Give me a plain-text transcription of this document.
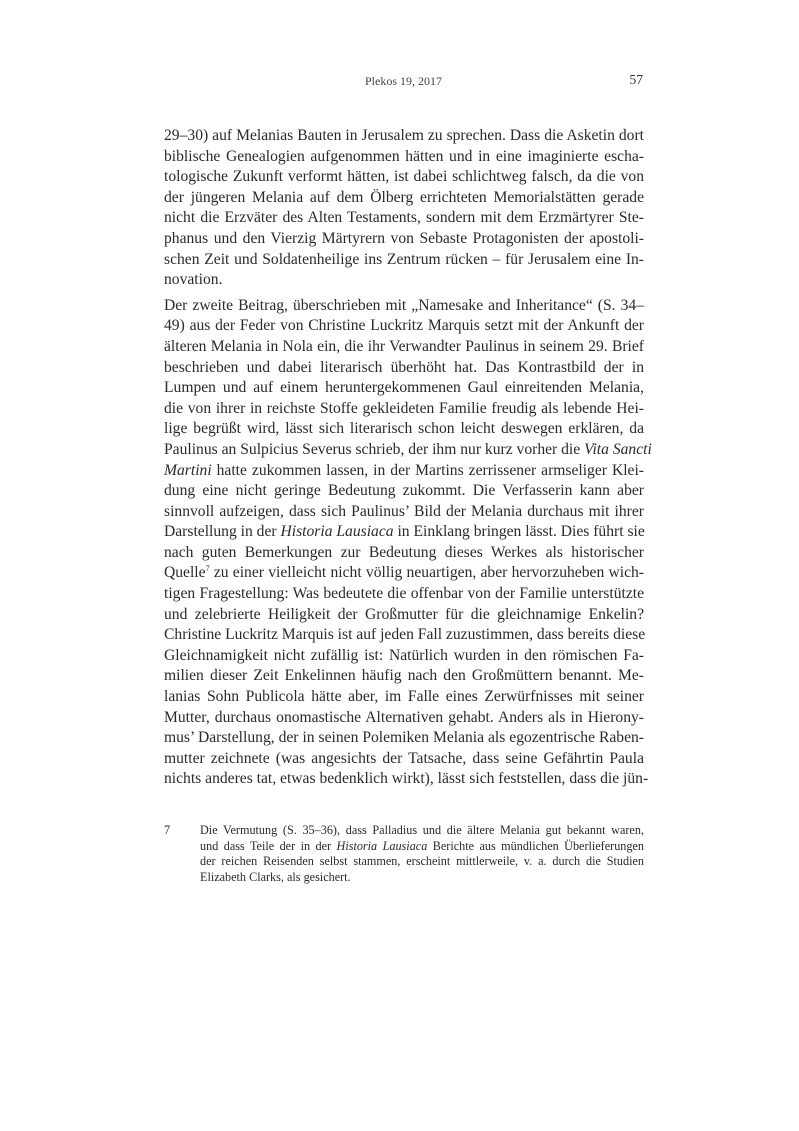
Plekos 19, 2017	57
29–30) auf Melanias Bauten in Jerusalem zu sprechen. Dass die Asketin dort
biblische Genealogien aufgenommen hätten und in eine imaginierte escha-
tologische Zukunft verformt hätten, ist dabei schlichtweg falsch, da die von
der jüngeren Melania auf dem Ölberg errichteten Memorialstätten gerade
nicht die Erzväter des Alten Testaments, sondern mit dem Erzmärtyrer Ste-
phanus und den Vierzig Märtyrern von Sebaste Protagonisten der apostoli-
schen Zeit und Soldatenheilige ins Zentrum rücken – für Jerusalem eine In-
novation.
Der zweite Beitrag, überschrieben mit „Namesake and Inheritance“ (S. 34–
49) aus der Feder von Christine Luckritz Marquis setzt mit der Ankunft der
älteren Melania in Nola ein, die ihr Verwandter Paulinus in seinem 29. Brief
beschrieben und dabei literarisch überhöht hat. Das Kontrastbild der in
Lumpen und auf einem heruntergekommenen Gaul einreitenden Melania,
die von ihrer in reichste Stoffe gekleideten Familie freudig als lebende Hei-
lige begrüßt wird, lässt sich literarisch schon leicht deswegen erklären, da
Paulinus an Sulpicius Severus schrieb, der ihm nur kurz vorher die Vita Sancti
Martini hatte zukommen lassen, in der Martins zerrissener armseliger Klei-
dung eine nicht geringe Bedeutung zukommt. Die Verfasserin kann aber
sinnvoll aufzeigen, dass sich Paulinus’ Bild der Melania durchaus mit ihrer
Darstellung in der Historia Lausiaca in Einklang bringen lässt. Dies führt sie
nach guten Bemerkungen zur Bedeutung dieses Werkes als historischer
Quelle$^7$ zu einer vielleicht nicht völlig neuartigen, aber hervorzuheben wich-
tigen Fragestellung: Was bedeutete die offenbar von der Familie unterstützte
und zelebrierte Heiligkeit der Großmutter für die gleichnamige Enkelin?
Christine Luckritz Marquis ist auf jeden Fall zuzustimmen, dass bereits diese
Gleichnamigkeit nicht zufällig ist: Natürlich wurden in den römischen Fa-
milien dieser Zeit Enkelinnen häufig nach den Großmüttern benannt. Me-
lanias Sohn Publicola hätte aber, im Falle eines Zerwürfnisses mit seiner
Mutter, durchaus onomastische Alternativen gehabt. Anders als in Hierony-
mus’ Darstellung, der in seinen Polemiken Melania als egozentrische Raben-
mutter zeichnete (was angesichts der Tatsache, dass seine Gefährtin Paula
nichts anderes tat, etwas bedenklich wirkt), lässt sich feststellen, dass die jün-
7 Die Vermutung (S. 35–36), dass Palladius und die ältere Melania gut bekannt waren,
und dass Teile der in der Historia Lausiaca Berichte aus mündlichen Überlieferungen
der reichen Reisenden selbst stammen, erscheint mittlerweile, v. a. durch die Studien
Elizabeth Clarks, als gesichert.
